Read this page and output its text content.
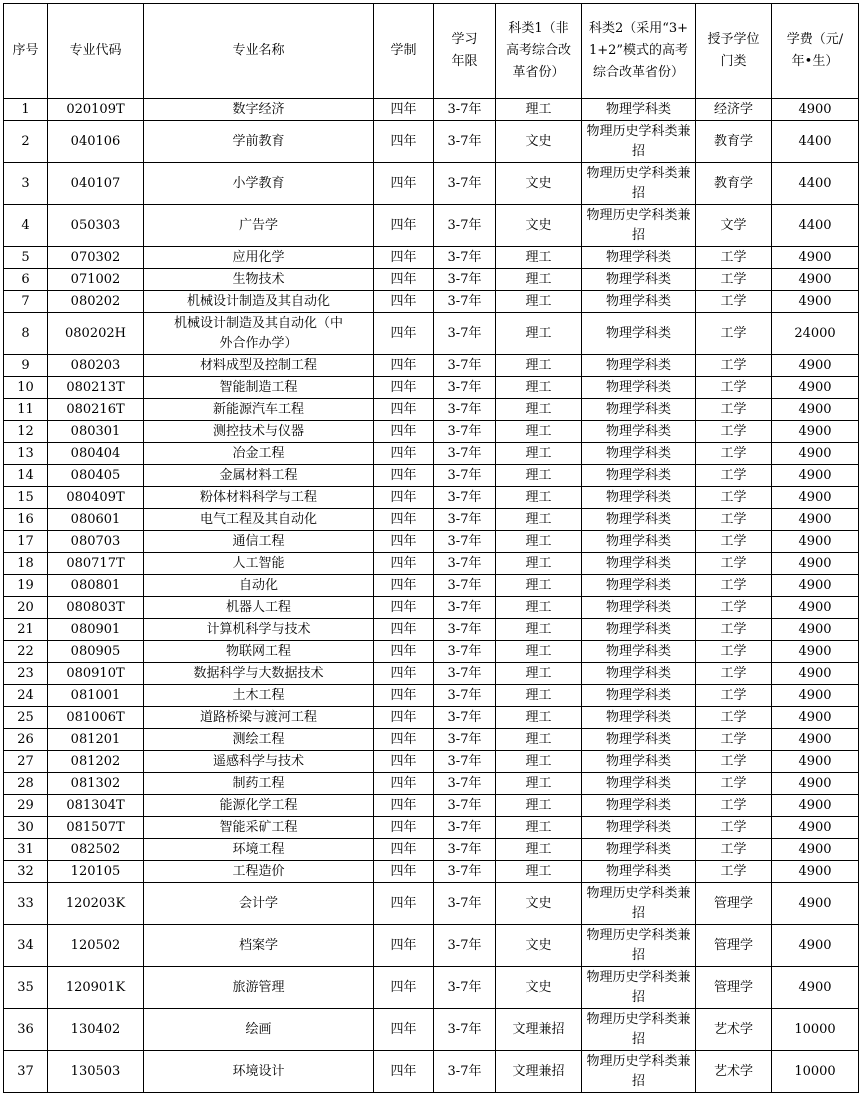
序号	专业代码	专业名称	学制	学习年限	科类1（非高考综合改革省份）	科类2（采用“3+1+2”模式的高考综合改革省份）	授予学位门类	学费（元/年•生）
1	020109T	数字经济	四年	3-7年	理工	物理学科类	经济学	4900
2	040106	学前教育	四年	3-7年	文史	物理历史学科类兼招	教育学	4400
3	040107	小学教育	四年	3-7年	文史	物理历史学科类兼招	教育学	4400
4	050303	广告学	四年	3-7年	文史	物理历史学科类兼招	文学	4400
5	070302	应用化学	四年	3-7年	理工	物理学科类	工学	4900
6	071002	生物技术	四年	3-7年	理工	物理学科类	工学	4900
7	080202	机械设计制造及其自动化	四年	3-7年	理工	物理学科类	工学	4900
8	080202H	机械设计制造及其自动化（中外合作办学）	四年	3-7年	理工	物理学科类	工学	24000
9	080203	材料成型及控制工程	四年	3-7年	理工	物理学科类	工学	4900
10	080213T	智能制造工程	四年	3-7年	理工	物理学科类	工学	4900
11	080216T	新能源汽车工程	四年	3-7年	理工	物理学科类	工学	4900
12	080301	测控技术与仪器	四年	3-7年	理工	物理学科类	工学	4900
13	080404	冶金工程	四年	3-7年	理工	物理学科类	工学	4900
14	080405	金属材料工程	四年	3-7年	理工	物理学科类	工学	4900
15	080409T	粉体材料科学与工程	四年	3-7年	理工	物理学科类	工学	4900
16	080601	电气工程及其自动化	四年	3-7年	理工	物理学科类	工学	4900
17	080703	通信工程	四年	3-7年	理工	物理学科类	工学	4900
18	080717T	人工智能	四年	3-7年	理工	物理学科类	工学	4900
19	080801	自动化	四年	3-7年	理工	物理学科类	工学	4900
20	080803T	机器人工程	四年	3-7年	理工	物理学科类	工学	4900
21	080901	计算机科学与技术	四年	3-7年	理工	物理学科类	工学	4900
22	080905	物联网工程	四年	3-7年	理工	物理学科类	工学	4900
23	080910T	数据科学与大数据技术	四年	3-7年	理工	物理学科类	工学	4900
24	081001	土木工程	四年	3-7年	理工	物理学科类	工学	4900
25	081006T	道路桥梁与渡河工程	四年	3-7年	理工	物理学科类	工学	4900
26	081201	测绘工程	四年	3-7年	理工	物理学科类	工学	4900
27	081202	遥感科学与技术	四年	3-7年	理工	物理学科类	工学	4900
28	081302	制药工程	四年	3-7年	理工	物理学科类	工学	4900
29	081304T	能源化学工程	四年	3-7年	理工	物理学科类	工学	4900
30	081507T	智能采矿工程	四年	3-7年	理工	物理学科类	工学	4900
31	082502	环境工程	四年	3-7年	理工	物理学科类	工学	4900
32	120105	工程造价	四年	3-7年	理工	物理学科类	工学	4900
33	120203K	会计学	四年	3-7年	文史	物理历史学科类兼招	管理学	4900
34	120502	档案学	四年	3-7年	文史	物理历史学科类兼招	管理学	4900
35	120901K	旅游管理	四年	3-7年	文史	物理历史学科类兼招	管理学	4900
36	130402	绘画	四年	3-7年	文理兼招	物理历史学科类兼招	艺术学	10000
37	130503	环境设计	四年	3-7年	文理兼招	物理历史学科类兼招	艺术学	10000
